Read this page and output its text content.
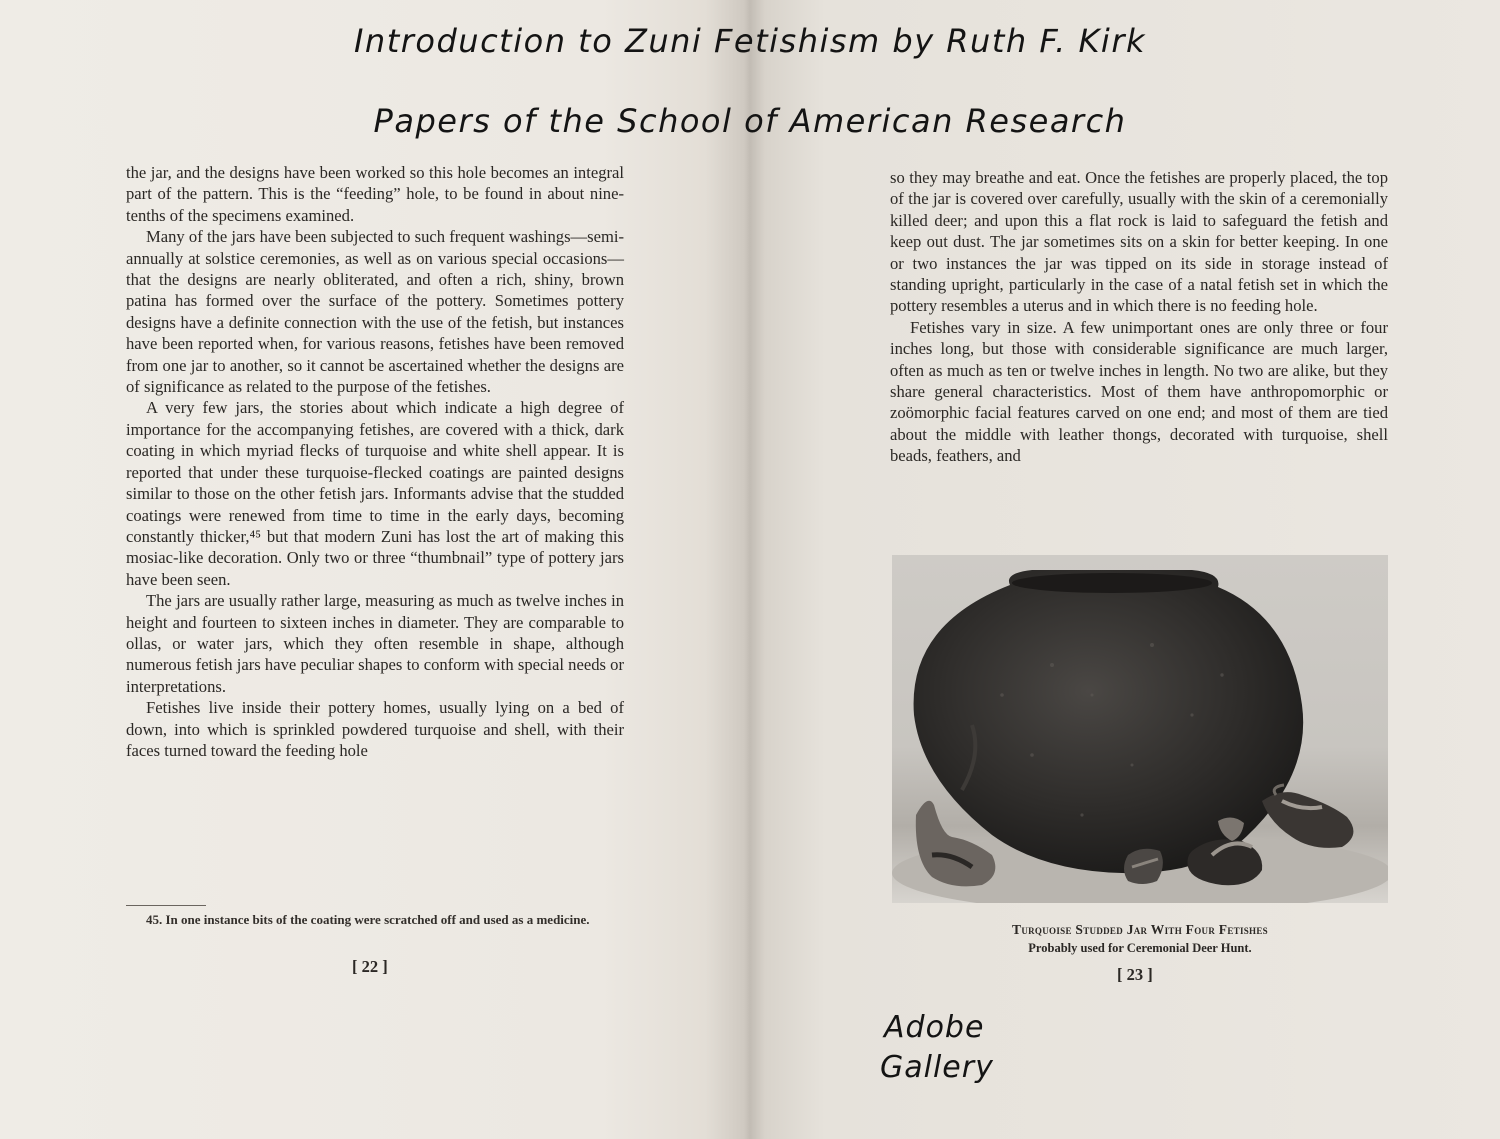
Introduction to Zuni Fetishism by Ruth F. Kirk
Papers of the School of American Research

the jar, and the designs have been worked so this hole becomes an integral part of the pattern. This is the “feeding” hole, to be found in about nine-tenths of the specimens examined.

Many of the jars have been subjected to such frequent washings—semi-annually at solstice ceremonies, as well as on various special occasions—that the designs are nearly obliterated, and often a rich, shiny, brown patina has formed over the surface of the pottery. Sometimes pottery designs have a definite connection with the use of the fetish, but instances have been reported when, for various reasons, fetishes have been removed from one jar to another, so it cannot be ascertained whether the designs are of significance as related to the purpose of the fetishes.

A very few jars, the stories about which indicate a high degree of importance for the accompanying fetishes, are covered with a thick, dark coating in which myriad flecks of turquoise and white shell appear. It is reported that under these turquoise-flecked coatings are painted designs similar to those on the other fetish jars. Informants advise that the studded coatings were renewed from time to time in the early days, becoming constantly thicker,⁴⁵ but that modern Zuni has lost the art of making this mosiac-like decoration. Only two or three “thumbnail” type of pottery jars have been seen.

The jars are usually rather large, measuring as much as twelve inches in height and fourteen to sixteen inches in diameter. They are comparable to ollas, or water jars, which they often resemble in shape, although numerous fetish jars have peculiar shapes to conform with special needs or interpretations.

Fetishes live inside their pottery homes, usually lying on a bed of down, into which is sprinkled powdered turquoise and shell, with their faces turned toward the feeding hole

45. In one instance bits of the coating were scratched off and used as a medicine.
[ 22 ]

so they may breathe and eat. Once the fetishes are properly placed, the top of the jar is covered over carefully, usually with the skin of a ceremonially killed deer; and upon this a flat rock is laid to safeguard the fetish and keep out dust. The jar sometimes sits on a skin for better keeping. In one or two instances the jar was tipped on its side in storage instead of standing upright, particularly in the case of a natal fetish set in which the pottery resembles a uterus and in which there is no feeding hole.

Fetishes vary in size. A few unimportant ones are only three or four inches long, but those with considerable significance are much larger, often as much as ten or twelve inches in length. No two are alike, but they share general characteristics. Most of them have anthropomorphic or zoömorphic facial features carved on one end; and most of them are tied about the middle with leather thongs, decorated with turquoise, shell beads, feathers, and

Turquoise Studded Jar With Four Fetishes
Probably used for Ceremonial Deer Hunt.
[ 23 ]
Adobe
Gallery
